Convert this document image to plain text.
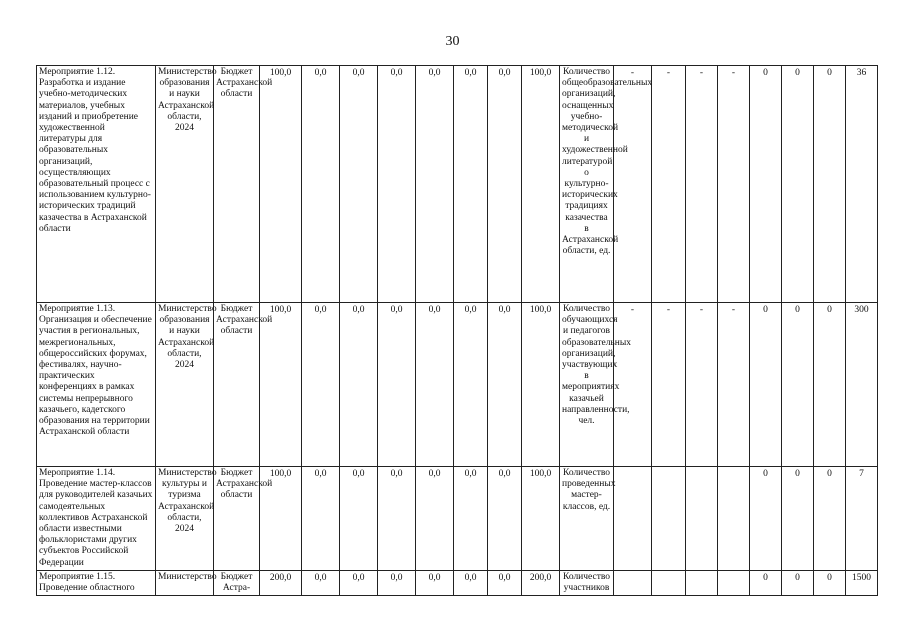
30
Мероприятие 1.12. Разработка и издание учебно-методических материалов, учебных изданий и приобретение художественной литературы для образовательных организаций, осуществляющих образовательный процесс с использованием культурно-исторических традиций казачества в Астраханской области	Министерство образования и науки Астраханской области, 2024	Бюджет Астраханской области	100,0	0,0	0,0	0,0	0,0	0,0	0,0	100,0	Количество общеобразовательных организаций, оснащенных учебно-методической и художественной литературой о культурно-исторических традициях казачества в Астраханской области, ед.	-	-	-	-	0	0	0	36
Мероприятие 1.13. Организация и обеспечение участия в региональных, межрегиональных, общероссийских форумах, фестивалях, научно-практических конференциях в рамках системы непрерывного казачьего, кадетского образования на территории Астраханской области	Министерство образования и науки Астраханской области, 2024	Бюджет Астраханской области	100,0	0,0	0,0	0,0	0,0	0,0	0,0	100,0	Количество обучающихся и педагогов образовательных организаций, участвующих в мероприятиях казачьей направленности, чел.	-	-	-	-	0	0	0	300
Мероприятие 1.14. Проведение мастер-классов для руководителей казачьих самодеятельных коллективов Астраханской области известными фольклористами других субъектов Российской Федерации	Министерство культуры и туризма Астраханской области, 2024	Бюджет Астраханской области	100,0	0,0	0,0	0,0	0,0	0,0	0,0	100,0	Количество проведенных мастер-классов, ед.					0	0	0	7
Мероприятие 1.15. Проведение областного	Министерство	Бюджет Астра-	200,0	0,0	0,0	0,0	0,0	0,0	0,0	200,0	Количество участников					0	0	0	1500
